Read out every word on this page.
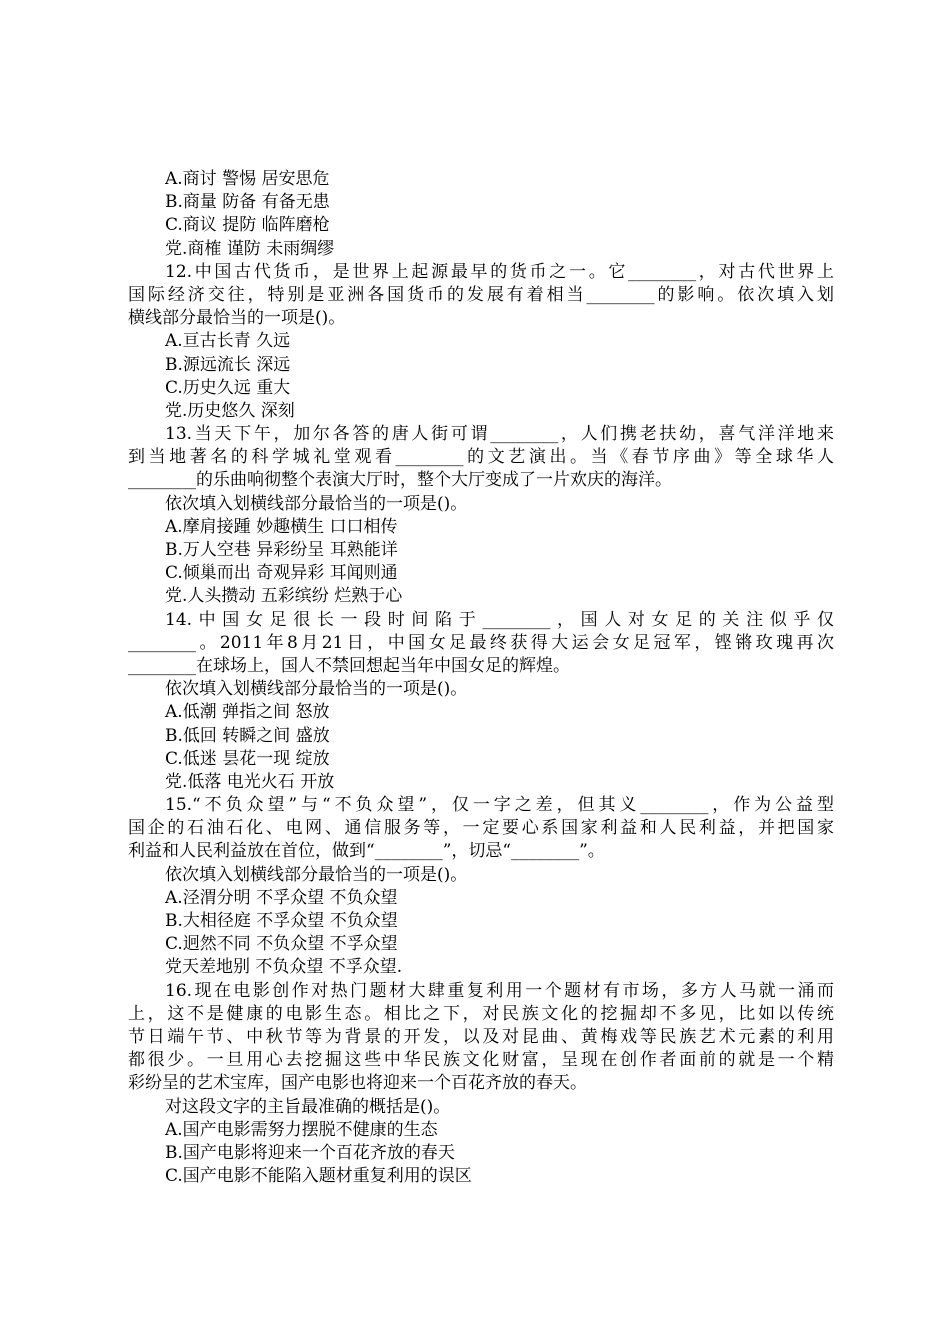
A.商讨 警惕 居安思危
B.商量 防备 有备无患
C.商议 提防 临阵磨枪
党.商榷 谨防 未雨绸缪
12.中国古代货币，是世界上起源最早的货币之一。它________，对古代世界上
国际经济交往，特别是亚洲各国货币的发展有着相当________的影响。依次填入划
横线部分最恰当的一项是()。
A.亘古长青 久远
B.源远流长 深远
C.历史久远 重大
党.历史悠久 深刻
13.当天下午，加尔各答的唐人街可谓________，人们携老扶幼，喜气洋洋地来
到当地著名的科学城礼堂观看________的文艺演出。当《春节序曲》等全球华人
________的乐曲响彻整个表演大厅时，整个大厅变成了一片欢庆的海洋。
依次填入划横线部分最恰当的一项是()。
A.摩肩接踵 妙趣横生 口口相传
B.万人空巷 异彩纷呈 耳熟能详
C.倾巢而出 奇观异彩 耳闻则通
党.人头攒动 五彩缤纷 烂熟于心
14.中国女足很长一段时间陷于________，国人对女足的关注似乎仅
________。2011年8月21日，中国女足最终获得大运会女足冠军，铿锵玫瑰再次
________在球场上，国人不禁回想起当年中国女足的辉煌。
依次填入划横线部分最恰当的一项是()。
A.低潮 弹指之间 怒放
B.低回 转瞬之间 盛放
C.低迷 昙花一现 绽放
党.低落 电光火石 开放
15.“不负众望”与“不负众望”，仅一字之差，但其义________，作为公益型
国企的石油石化、电网、通信服务等，一定要心系国家利益和人民利益，并把国家
利益和人民利益放在首位，做到“________”，切忌“________”。
依次填入划横线部分最恰当的一项是()。
A.泾渭分明 不孚众望 不负众望
B.大相径庭 不孚众望 不负众望
C.迥然不同 不负众望 不孚众望
党天差地别 不负众望 不孚众望.
16.现在电影创作对热门题材大肆重复利用一个题材有市场，多方人马就一涌而
上，这不是健康的电影生态。相比之下，对民族文化的挖掘却不多见，比如以传统
节日端午节、中秋节等为背景的开发，以及对昆曲、黄梅戏等民族艺术元素的利用
都很少。一旦用心去挖掘这些中华民族文化财富，呈现在创作者面前的就是一个精
彩纷呈的艺术宝库，国产电影也将迎来一个百花齐放的春天。
对这段文字的主旨最准确的概括是()。
A.国产电影需努力摆脱不健康的生态
B.国产电影将迎来一个百花齐放的春天
C.国产电影不能陷入题材重复利用的误区
